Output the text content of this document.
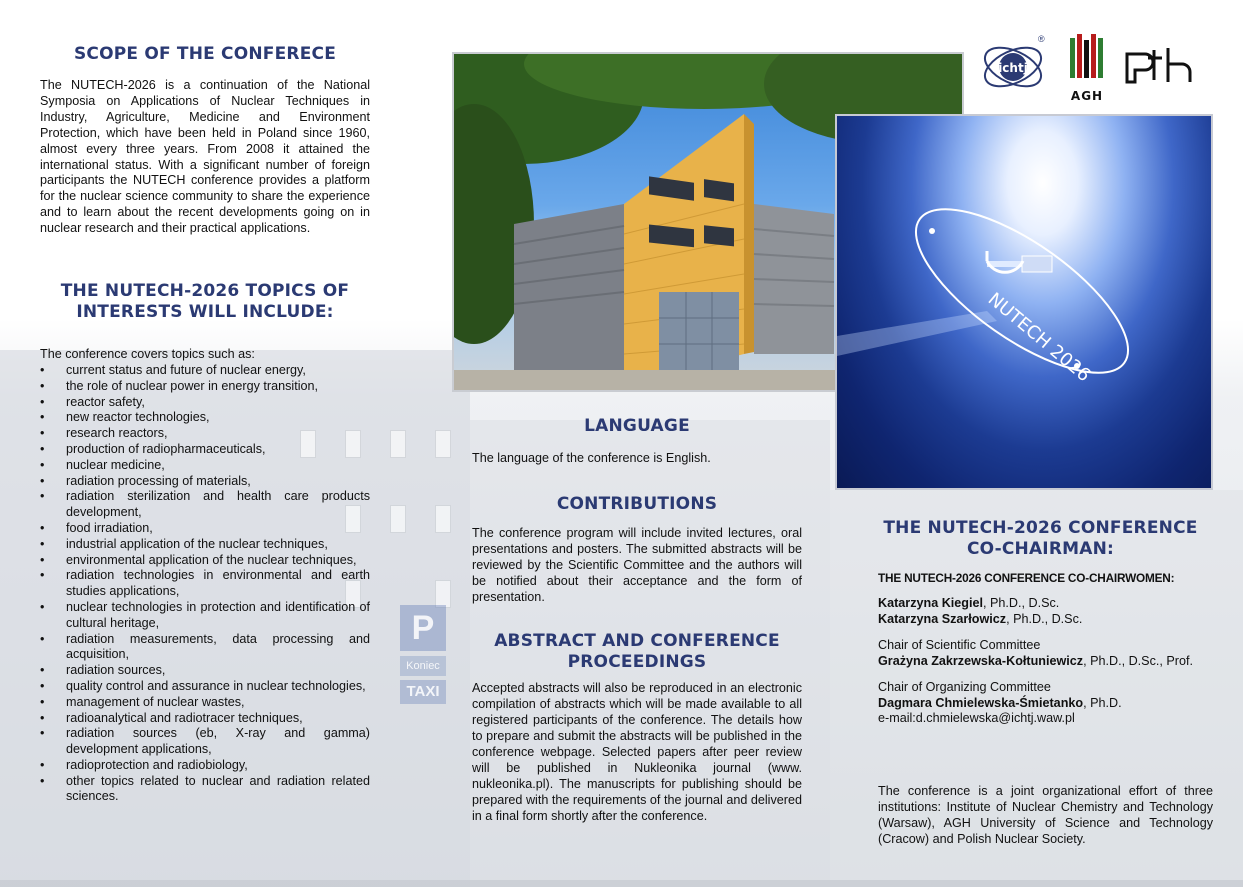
P
Koniec
TAXI
SCOPE OF THE CONFERECE

The NUTECH-2026 is a continuation of the National Symposia on Applications of Nuclear Techniques in Industry, Agriculture, Medicine and Environment Protection, which have been held in Poland since 1960, almost every three years. From 2008 it attained the international status. With a significant number of foreign participants the NUTECH conference provides a platform for the nuclear science community to share the experience and to learn about the recent developments going on in nuclear research and their practical applications.

THE NUTECH-2026 TOPICS OF
INTERESTS WILL INCLUDE:

The conference covers topics such as:

• current status and future of nuclear energy,
• the role of nuclear power in energy transition,
• reactor safety,
• new reactor technologies,
• research reactors,
• production of radiopharmaceuticals,
• nuclear medicine,
• radiation processing of materials,
• radiation sterilization and health care products development,
• food irradiation,
• industrial application of the nuclear techniques,
• environmental application of the nuclear techniques,
• radiation technologies in environmental and earth studies applications,
• nuclear technologies in protection and identification of cultural heritage,
• radiation measurements, data processing and acquisition,
• radiation sources,
• quality control and assurance in nuclear technologies,
• management of nuclear wastes,
• radioanalytical and radiotracer techniques,
• radiation sources (eb, X-ray and gamma) development applications,
• radioprotection and radiobiology,
• other topics related to nuclear and radiation related sciences.
ichtj
®
AGH
NUTECH 2026
LANGUAGE

The language of the conference is English.

CONTRIBUTIONS

The conference program will include invited lectures, oral presentations and posters. The submitted abstracts will be reviewed by the Scientific Committee and the authors will be notified about their acceptance and the form of presentation.

ABSTRACT AND CONFERENCE
PROCEEDINGS

Accepted abstracts will also be reproduced in an electronic compilation of abstracts which will be made available to all registered participants of the conference. The details how to prepare and submit the abstracts will be published in the conference webpage. Selected papers after peer review will be published in Nukleonika journal (www. nukleonika.pl). The manuscripts for publishing should be prepared with the requirements of the journal and delivered in a final form shortly after the conference.

THE NUTECH-2026 CONFERENCE
CO-CHAIRMAN:
THE NUTECH-2026 CONFERENCE CO-CHAIRWOMEN:
Katarzyna Kiegiel, Ph.D., D.Sc.
Katarzyna Szarłowicz, Ph.D., D.Sc.
Chair of Scientific Committee
Grażyna Zakrzewska-Kołtuniewicz, Ph.D., D.Sc., Prof.
Chair of Organizing Committee
Dagmara Chmielewska-Śmietanko, Ph.D.
e-mail:d.chmielewska@ichtj.waw.pl

The conference is a joint organizational effort of three institutions: Institute of Nuclear Chemistry and Technology (Warsaw), AGH University of Science and Technology (Cracow) and Polish Nuclear Society.
